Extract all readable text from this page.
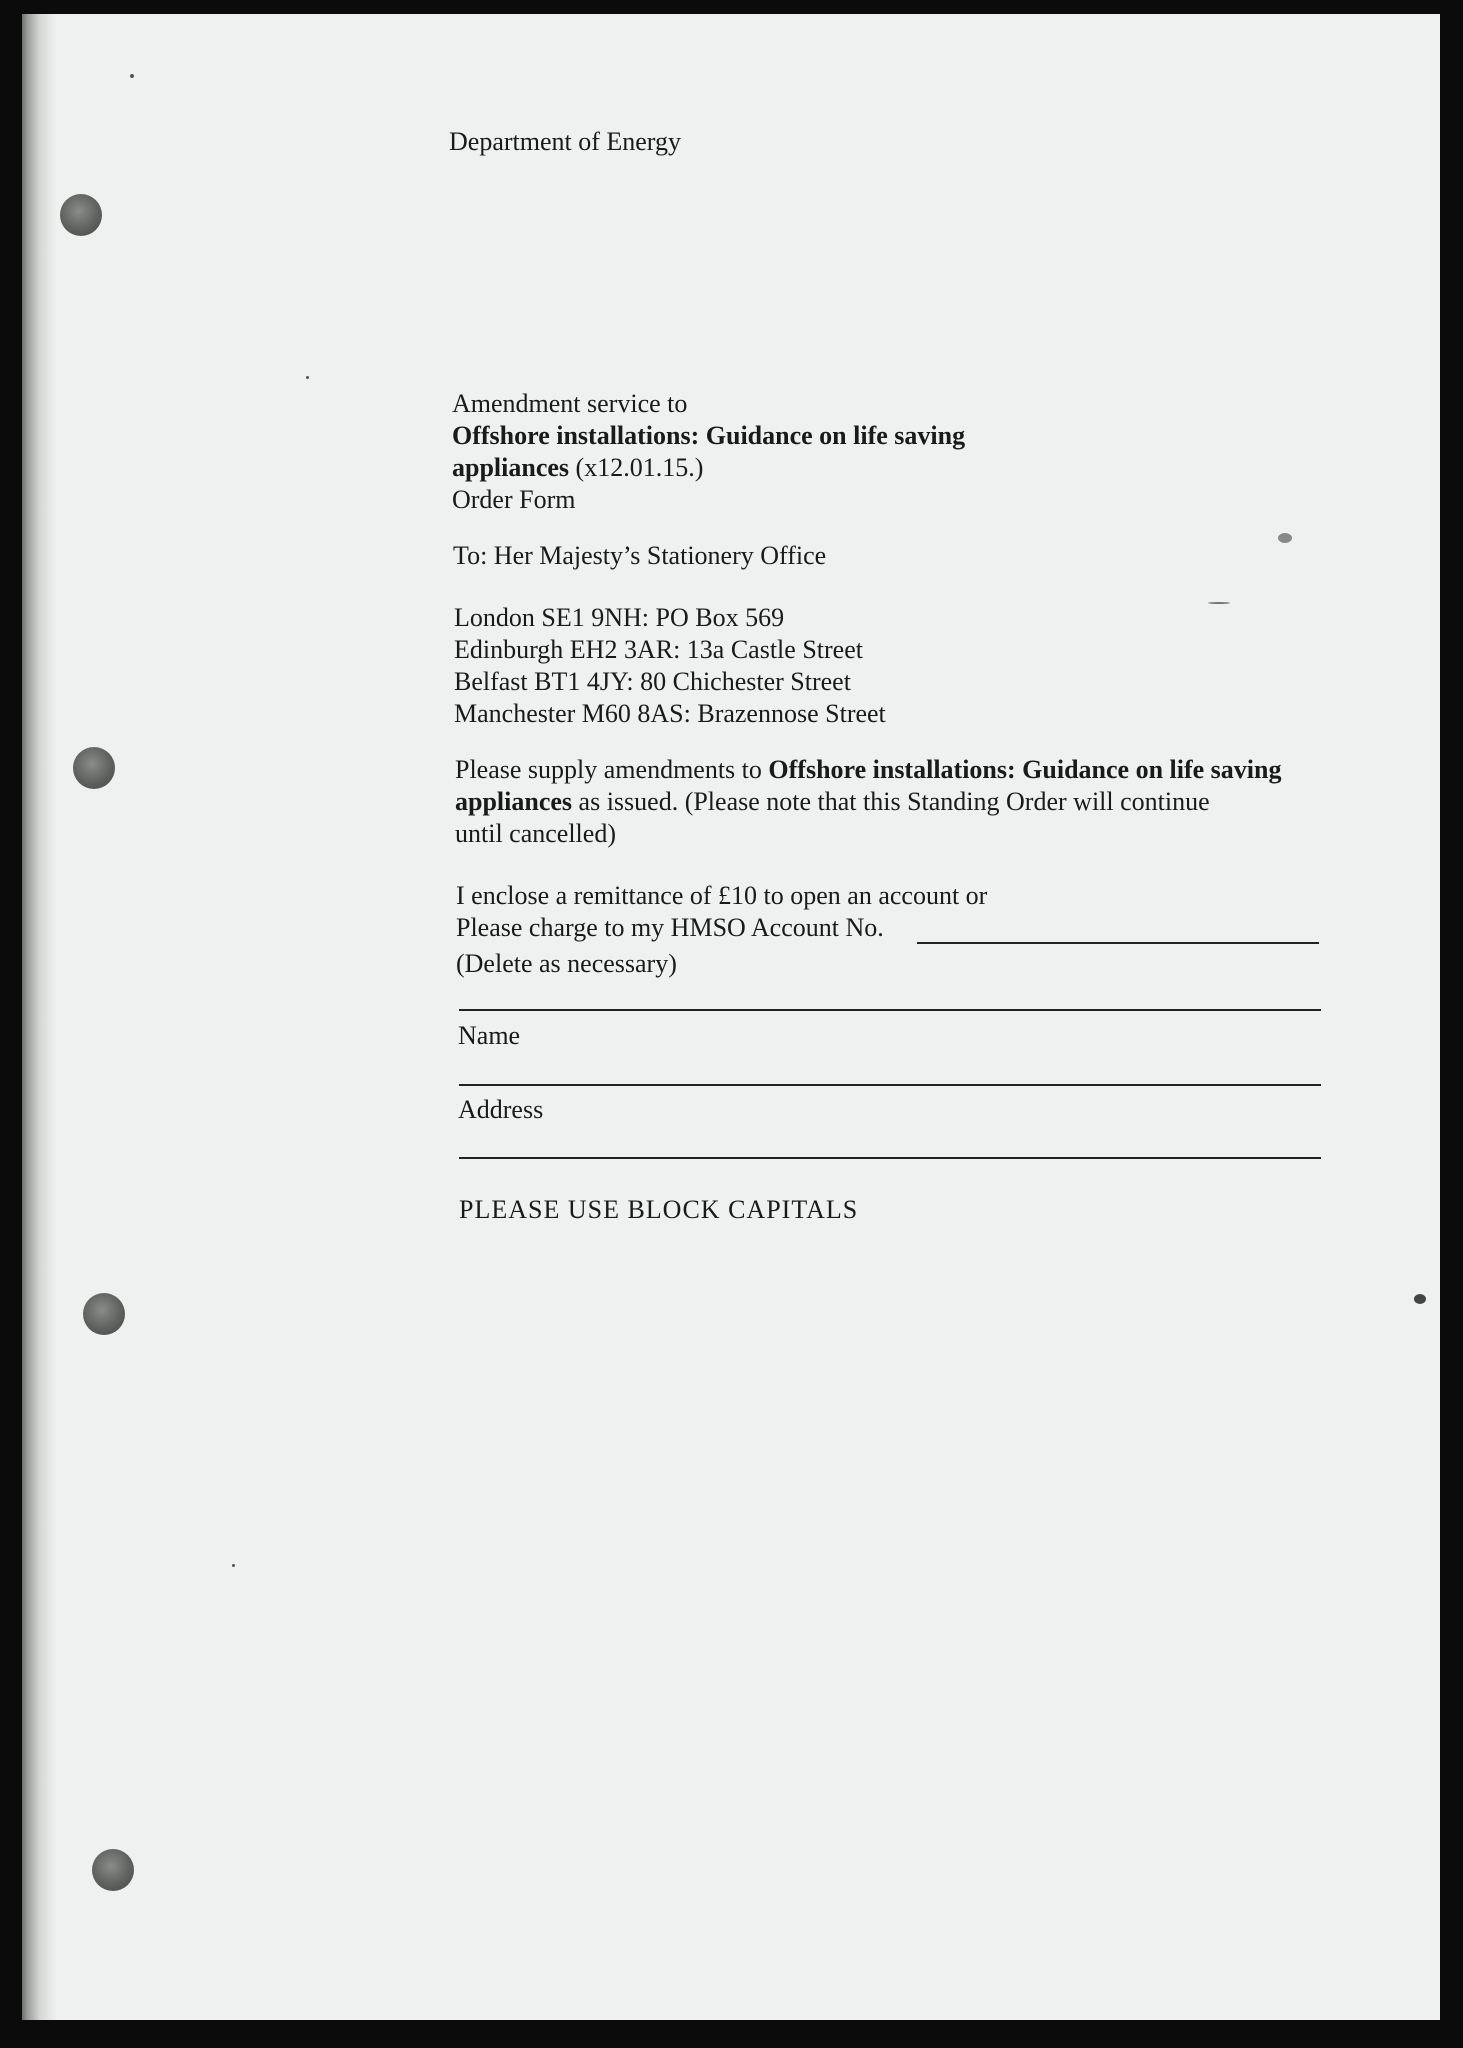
Department of Energy
Amendment service to
Offshore installations: Guidance on life saving
appliances (x12.01.15.)
Order Form
To: Her Majesty’s Stationery Office
London SE1 9NH: PO Box 569
Edinburgh EH2 3AR: 13a Castle Street
Belfast BT1 4JY: 80 Chichester Street
Manchester M60 8AS: Brazennose Street
Please supply amendments to Offshore installations: Guidance on life saving
appliances as issued. (Please note that this Standing Order will continue
until cancelled)
I enclose a remittance of £10 to open an account or
Please charge to my HMSO Account No.
(Delete as necessary)
Name
Address
PLEASE USE BLOCK CAPITALS
